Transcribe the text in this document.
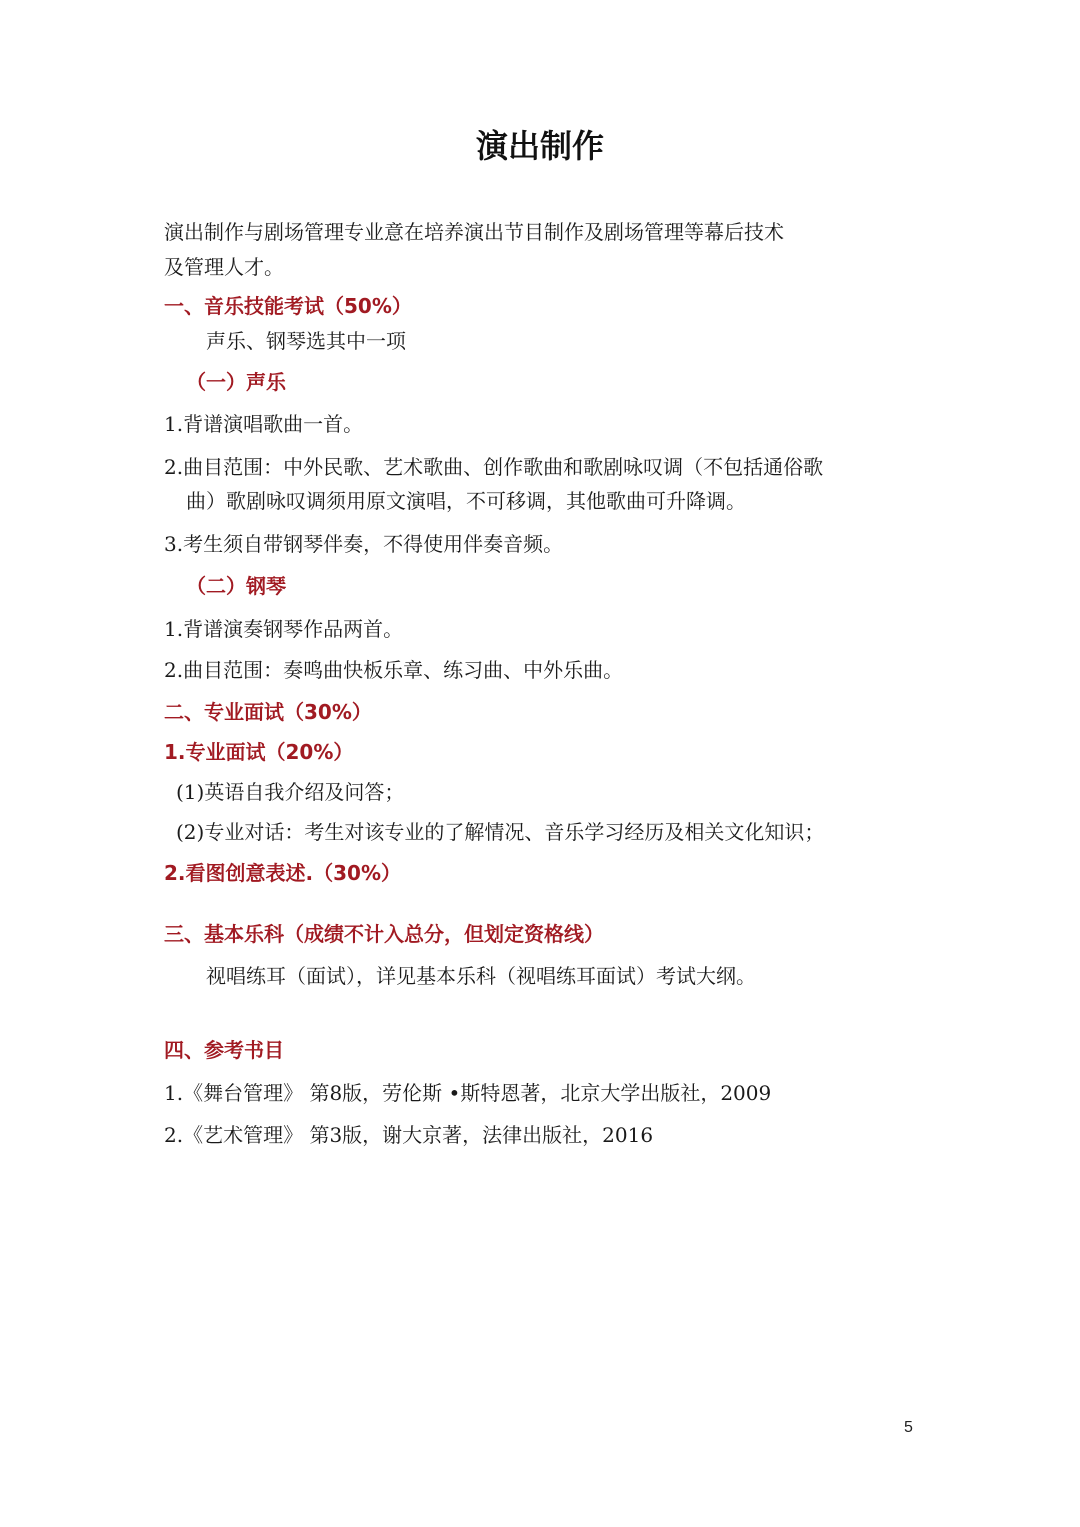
演出制作
演出制作与剧场管理专业意在培养演出节目制作及剧场管理等幕后技术
及管理人才。
一、音乐技能考试（50%）
声乐、钢琴选其中一项
（一）声乐
1.背谱演唱歌曲一首。
2.曲目范围：中外民歌、艺术歌曲、创作歌曲和歌剧咏叹调（不包括通俗歌
曲）歌剧咏叹调须用原文演唱，不可移调，其他歌曲可升降调。
3.考生须自带钢琴伴奏，不得使用伴奏音频。
（二）钢琴
1.背谱演奏钢琴作品两首。
2.曲目范围：奏鸣曲快板乐章、练习曲、中外乐曲。
二、专业面试（30%）
1.专业面试（20%）
(1)英语自我介绍及问答；
(2)专业对话：考生对该专业的了解情况、音乐学习经历及相关文化知识；
2.看图创意表述.（30%）
三、基本乐科（成绩不计入总分，但划定资格线）
视唱练耳（面试），详见基本乐科（视唱练耳面试）考试大纲。
四、参考书目
1.《舞台管理》 第8版，劳伦斯 •斯特恩著，北京大学出版社，2009
2.《艺术管理》 第3版，谢大京著，法律出版社，2016
5
